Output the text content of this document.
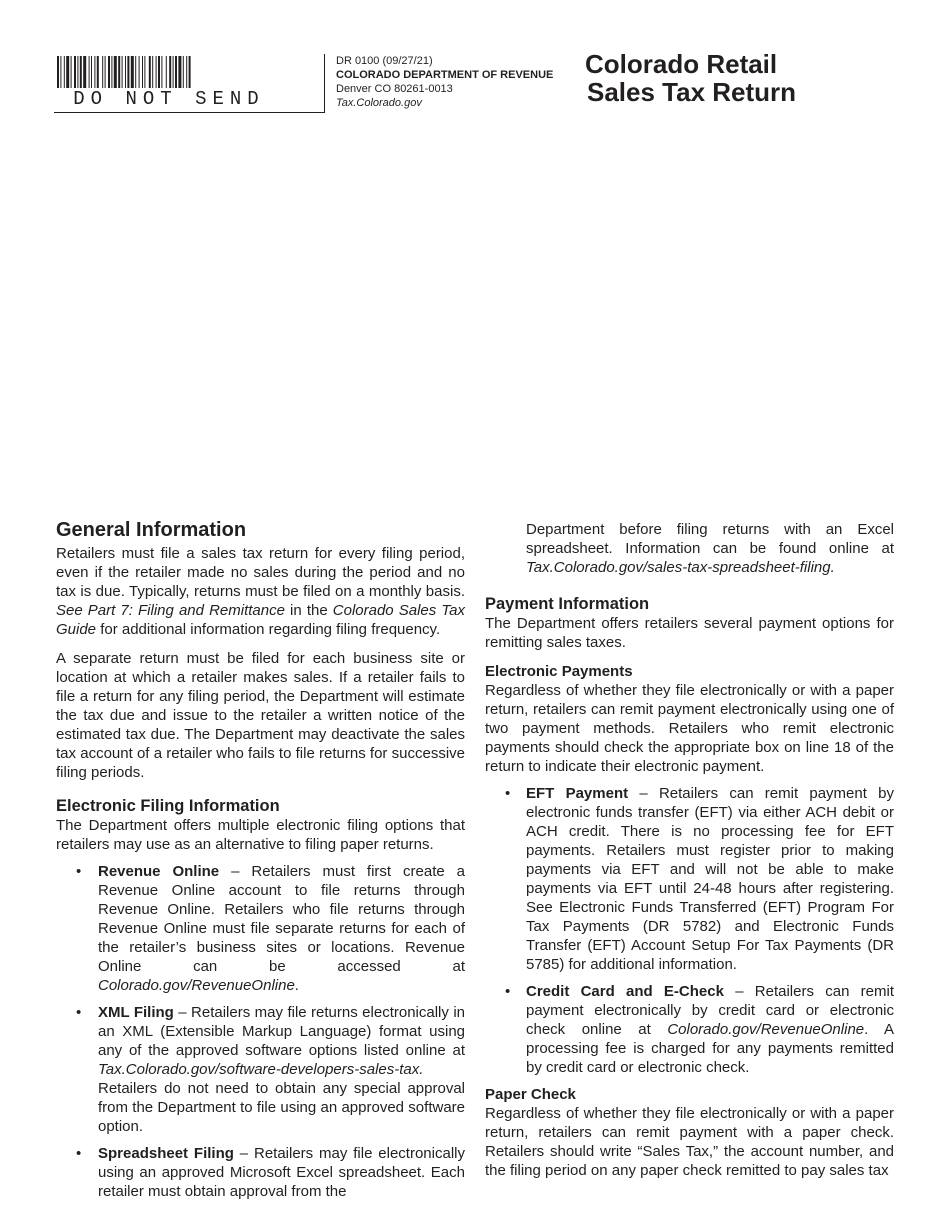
DO NOT SEND
DR 0100 (09/27/21)
COLORADO DEPARTMENT OF REVENUE
Denver CO 80261-0013
Tax.Colorado.gov
Colorado Retail
Sales Tax Return
General Information

Retailers must file a sales tax return for every filing period, even if the retailer made no sales during the period and no tax is due. Typically, returns must be filed on a monthly basis. See Part 7: Filing and Remittance in the Colorado Sales Tax Guide for additional information regarding filing frequency.

A separate return must be filed for each business site or location at which a retailer makes sales. If a retailer fails to file a return for any filing period, the Department will estimate the tax due and issue to the retailer a written notice of the estimated tax due. The Department may deactivate the sales tax account of a retailer who fails to file returns for successive filing periods.

Electronic Filing Information

The Department offers multiple electronic filing options that retailers may use as an alternative to filing paper returns.

• Revenue Online – Retailers must first create a Revenue Online account to file returns through Revenue Online. Retailers who file returns through Revenue Online must file separate returns for each of the retailer’s business sites or locations. Revenue Online can be accessed at Colorado.gov/RevenueOnline.
• XML Filing – Retailers may file returns electronically in an XML (Extensible Markup Language) format using any of the approved software options listed online at Tax.Colorado.gov/software-developers-sales-tax. Retailers do not need to obtain any special approval from the Department to file using an approved software option.
• Spreadsheet Filing – Retailers may file electronically using an approved Microsoft Excel spreadsheet. Each retailer must obtain approval from the

Department before filing returns with an Excel spreadsheet. Information can be found online at Tax.Colorado.gov/sales-tax-spreadsheet-filing.

Payment Information

The Department offers retailers several payment options for remitting sales taxes.

Electronic Payments

Regardless of whether they file electronically or with a paper return, retailers can remit payment electronically using one of two payment methods. Retailers who remit electronic payments should check the appropriate box on line 18 of the return to indicate their electronic payment.

• EFT Payment – Retailers can remit payment by electronic funds transfer (EFT) via either ACH debit or ACH credit. There is no processing fee for EFT payments. Retailers must register prior to making payments via EFT and will not be able to make payments via EFT until 24-48 hours after registering. See Electronic Funds Transferred (EFT) Program For Tax Payments (DR 5782) and Electronic Funds Transfer (EFT) Account Setup For Tax Payments (DR 5785) for additional information.
• Credit Card and E-Check – Retailers can remit payment electronically by credit card or electronic check online at Colorado.gov/RevenueOnline. A processing fee is charged for any payments remitted by credit card or electronic check.
Paper Check

Regardless of whether they file electronically or with a paper return, retailers can remit payment with a paper check. Retailers should write “Sales Tax,” the account number, and the filing period on any paper check remitted to pay sales tax
